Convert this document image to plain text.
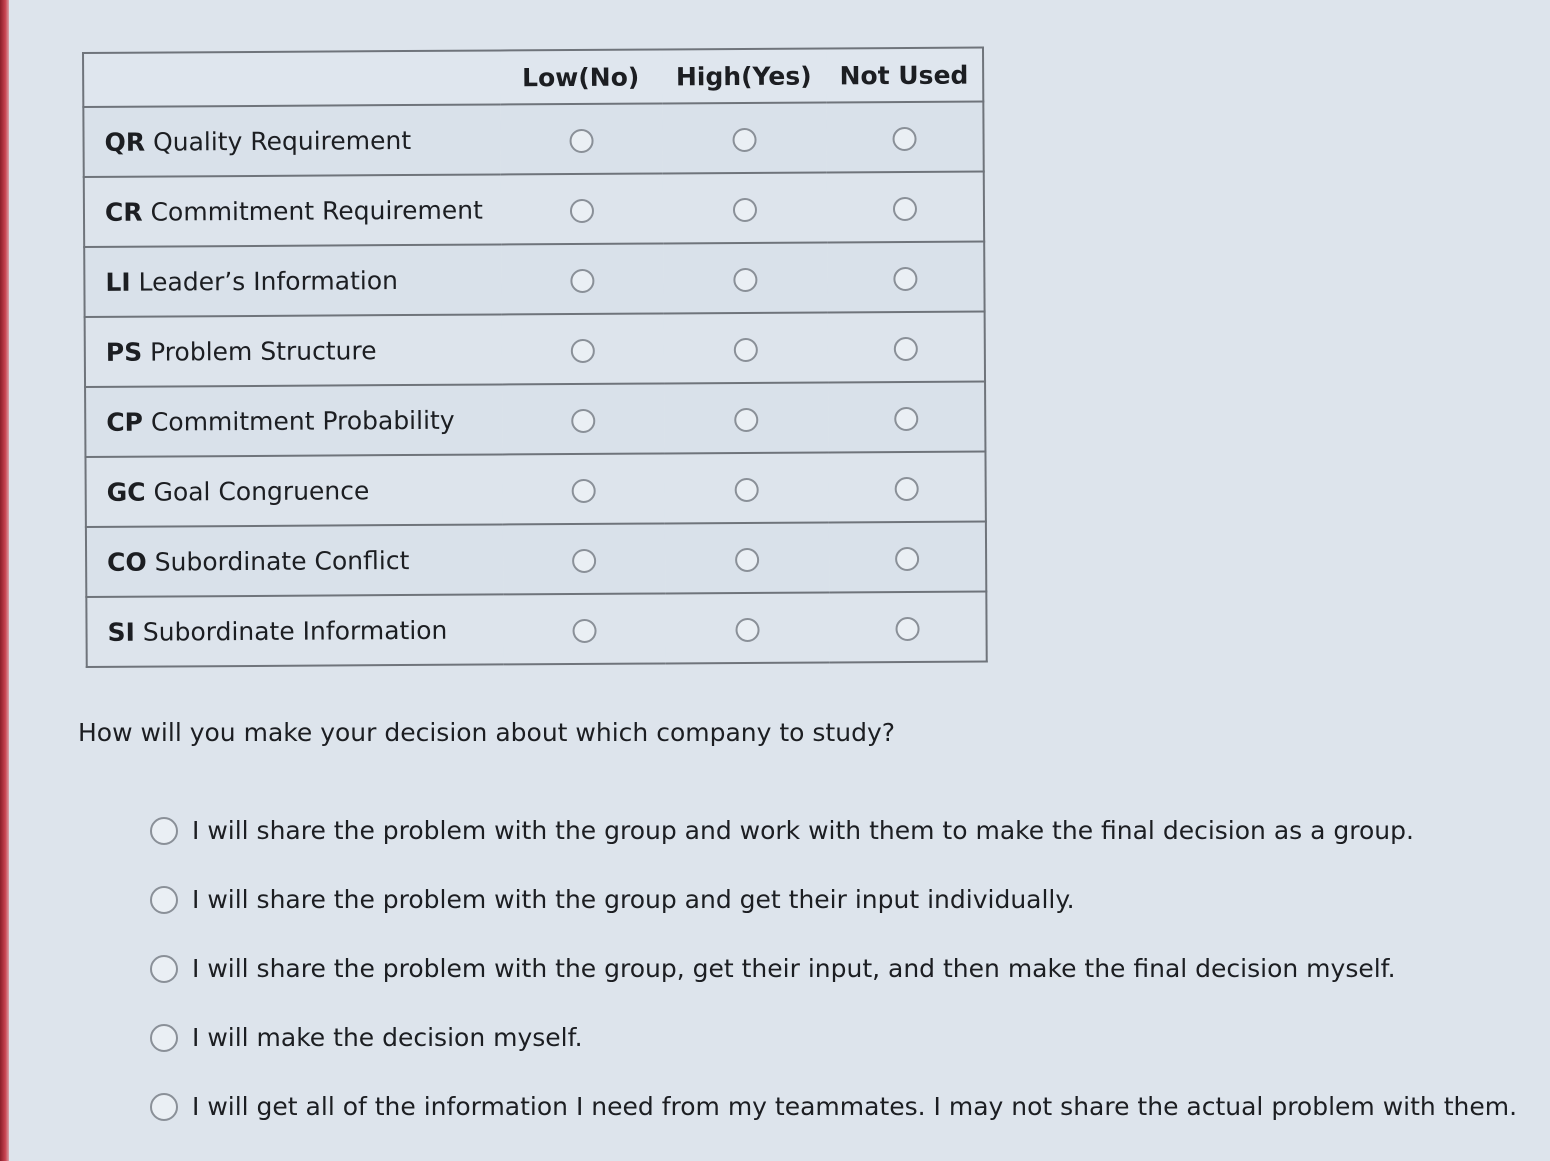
	Low(No)	High(Yes)	Not Used
QR Quality Requirement			
CR Commitment Requirement			
LI Leader’s Information			
PS Problem Structure			
CP Commitment Probability			
GC Goal Congruence			
CO Subordinate Conflict			
SI Subordinate Information			
How will you make your decision about which company to study?
I will share the problem with the group and work with them to make the final decision as a group.
I will share the problem with the group and get their input individually.
I will share the problem with the group, get their input, and then make the final decision myself.
I will make the decision myself.
I will get all of the information I need from my teammates. I may not share the actual problem with them.
